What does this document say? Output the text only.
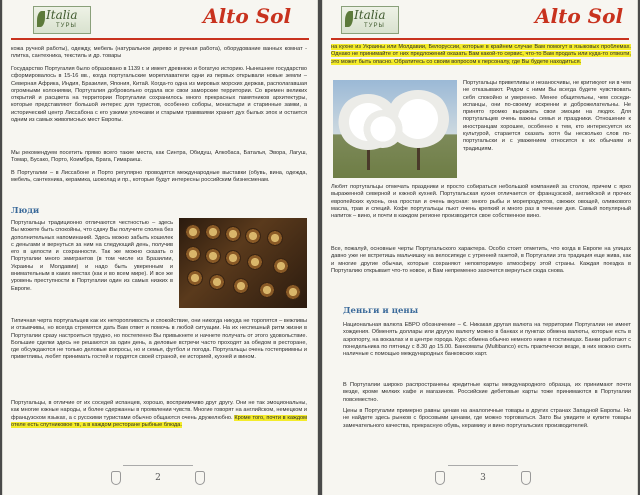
Italia
ТУРЫ	Alto Sol
кожа ручной работы), одежду, мебель (натуральное дерево и ручная работа), оборудование ванных комнат - плитка, сантехника, текстиль и др. товары
Государство Португалия было образовано в 1139 г. и имеет древнюю и богатую историю. Нынешнее государство сформировалось в 15-16 вв., когда португальские мореплаватели одни из первых открывали новые земли – Северная Африка, Индия, Бразилия, Япония, Китай. Когда-то одна из мировых морских держав, располагавшая огромными колониями, Португалия добровольно отдала все свои заморские территории. Со времен великих открытий и расцвета на территории Португалии сохранилось много прекрасных памятников архитектуры, которые представляют большой интерес для туристов, особенно соборы, монастыри и старинные замки, а исторический центр Лиссабона с его узкими улочками и старыми трамваями хранит дух былых эпох и остается одним из самых живописных мест Европы.
Мы рекомендуем посетить прямо всего такие места, как Синтра, Обидуш, Алкобаса, Баталья, Эвора, Лагуш, Томар, Бусако, Порто, Коимбра, Брага, Гимараеш.
В Португалии – в Лиссабоне и Порто регулярно проводятся международные выставки (обувь, вина, одежда, мебель, сантехника, керамика, шоколад и пр., которые будут интересны российским бизнесменам.
Люди
Португальцы традиционно отличаются честностью – здесь Вы можете быть спокойны, что сдачу Вы получите сполна без дополнительных напоминаний. Здесь можно забыть кошелек с деньгами и вернуться за ним на следующий день, получив его в целости и сохранности. Так же можно сказать о Португалии много эмигрантов (в том числе из Бразилии, Украины и Молдавии) и надо быть уверенным и внимательным в каких местах (как и во всем мире). И все же уровень преступности в Португалии один из самых низких в Европе.
Типичная черта португальцев как их неторопливость и спокойствие, они никогда никуда не торопятся – вежливы и отзывчивы, но всегда стремятся дать Вам ответ и помочь в любой ситуации. На их неспешный ритм жизни в Португалии сразу настроиться трудно, но постепенно Вы привыкнете и начнете получать от этого удовольствие. Большие сделки здесь не решаются за один день, а деловые встречи часто проходят за обедом в ресторане, где обсуждаются не только деловые вопросы, но и семья, футбол и погода. Португальцы очень гостеприимны и приветливы, любят принимать гостей и гордятся своей страной, ее историей, кухней и вином.
Португальцы, в отличие от их соседей испанцев, хорошо, восприимчиво друг другу. Они не так эмоциональны, как многие южные народы, и более сдержанны в проявлении чувств. Многие говорят на английском, немецком и французском языках, а с русскими туристами обычно общаются очень дружелюбно. Кроме того, почти в каждом отеле есть спутниковое тв, а в каждом ресторане рыбные блюда.
2
Italia
ТУРЫ	Alto Sol
на кухне из Украины или Молдавии, Белоруссии, которые в крайнем случае Вам помогут в языковых проблемах. Однако не принимайте от них предложений оказать Вам какой-то сервис, что-то Вам продать или куда-то отвезти, это может быть опасно. Обратитесь со своим вопросом к персоналу, где Вы будете находиться.
Португальцы приветливы и незаносчивы, не критикуют ни в чем не отказывают. Рядом с ними Вы всегда будете чувствовать себя спокойно и уверенно. Менее общительны, чем соседи-испанцы, они по-своему искренни и доброжелательны. Не принято громко выражать свои эмоции на людях. Для португальцев очень важны семья и праздники. Отношение к иностранцам хорошее, особенно к тем, кто интересуется их культурой, старается сказать хотя бы несколько слов по-португальски и с уважением относится к их обычаям и традициям.
Любят португальцы отмечать праздники и просто собираться небольшой компанией за столом, причем с ярко выраженной северной и южной кухней. Португальская кухня отличается от французской, английской и прочих европейских кухонь, она простая и очень вкусная: много рыбы и морепродуктов, свежих овощей, оливкового масла, трав и специй. Кофе португальцы пьют очень крепкий и много раз в течение дня. Самый популярный напиток – вино, и почти в каждом регионе производится свое собственное вино.
Все, пожалуй, основные черты Португальского характера. Особо стоит отметить, что когда в Европе на улицах давно уже не встретишь мальчишку на велосипеде с утренней газетой, в Португалии эта традиция еще жива, как и многие другие обычаи, которые сохраняют неповторимую атмосферу этой страны. Каждая поездка в Португалию открывает что-то новое, и Вам непременно захочется вернуться сюда снова.
Деньги и цены
Национальная валюта ЕВРО обозначение – €. Никакая другая валюта на территории Португалии не имеет хождения. Обменять доллары или другую валюту можно в банках и пунктах обмена валюты, которые есть в аэропорту, на вокзалах и в центре города. Курс обмена обычно немного ниже в гостиницах. Банки работают с понедельника по пятницу с 8.30 до 15.00. Банкоматы (Multibanco) есть практически везде, в них можно снять наличные с помощью международных банковских карт.
В Португалии широко распространены кредитные карты международного образца, их принимают почти везде, кроме мелких кафе и магазинов. Российские дебетовые карты тоже принимаются в Португалии повсеместно.
Цены в Португалии примерно равны ценам на аналогичные товары в других странах Западной Европы. Но не найдете здесь рынков с бросовыми ценами, где можно торговаться. Зато Вы увидите и купите товары замечательного качества, прекрасную обувь, керамику и вино португальских производителей.
3
